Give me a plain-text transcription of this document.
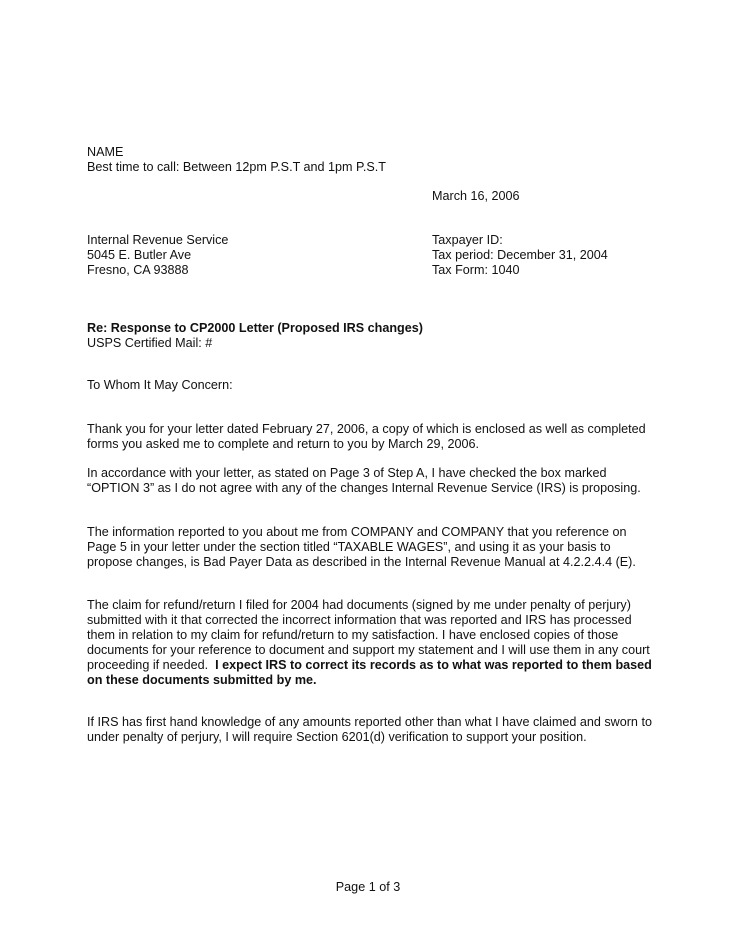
NAME
Best time to call: Between 12pm P.S.T and 1pm P.S.T
March 16, 2006
Internal Revenue Service
5045 E. Butler Ave
Fresno, CA 93888
Taxpayer ID:
Tax period: December 31, 2004
Tax Form: 1040
Re: Response to CP2000 Letter (Proposed IRS changes)
USPS Certified Mail: #
To Whom It May Concern:
Thank you for your letter dated February 27, 2006, a copy of which is enclosed as well as completed forms you asked me to complete and return to you by March 29, 2006.
In accordance with your letter, as stated on Page 3 of Step A, I have checked the box marked “OPTION 3” as I do not agree with any of the changes Internal Revenue Service (IRS) is proposing.
The information reported to you about me from COMPANY and COMPANY that you reference on Page 5 in your letter under the section titled “TAXABLE WAGES”, and using it as your basis to propose changes, is Bad Payer Data as described in the Internal Revenue Manual at 4.2.2.4.4 (E).
The claim for refund/return I filed for 2004 had documents (signed by me under penalty of perjury) submitted with it that corrected the incorrect information that was reported and IRS has processed them in relation to my claim for refund/return to my satisfaction. I have enclosed copies of those documents for your reference to document and support my statement and I will use them in any court proceeding if needed. I expect IRS to correct its records as to what was reported to them based on these documents submitted by me.
If IRS has first hand knowledge of any amounts reported other than what I have claimed and sworn to under penalty of perjury, I will require Section 6201(d) verification to support your position.
Page 1 of 3
